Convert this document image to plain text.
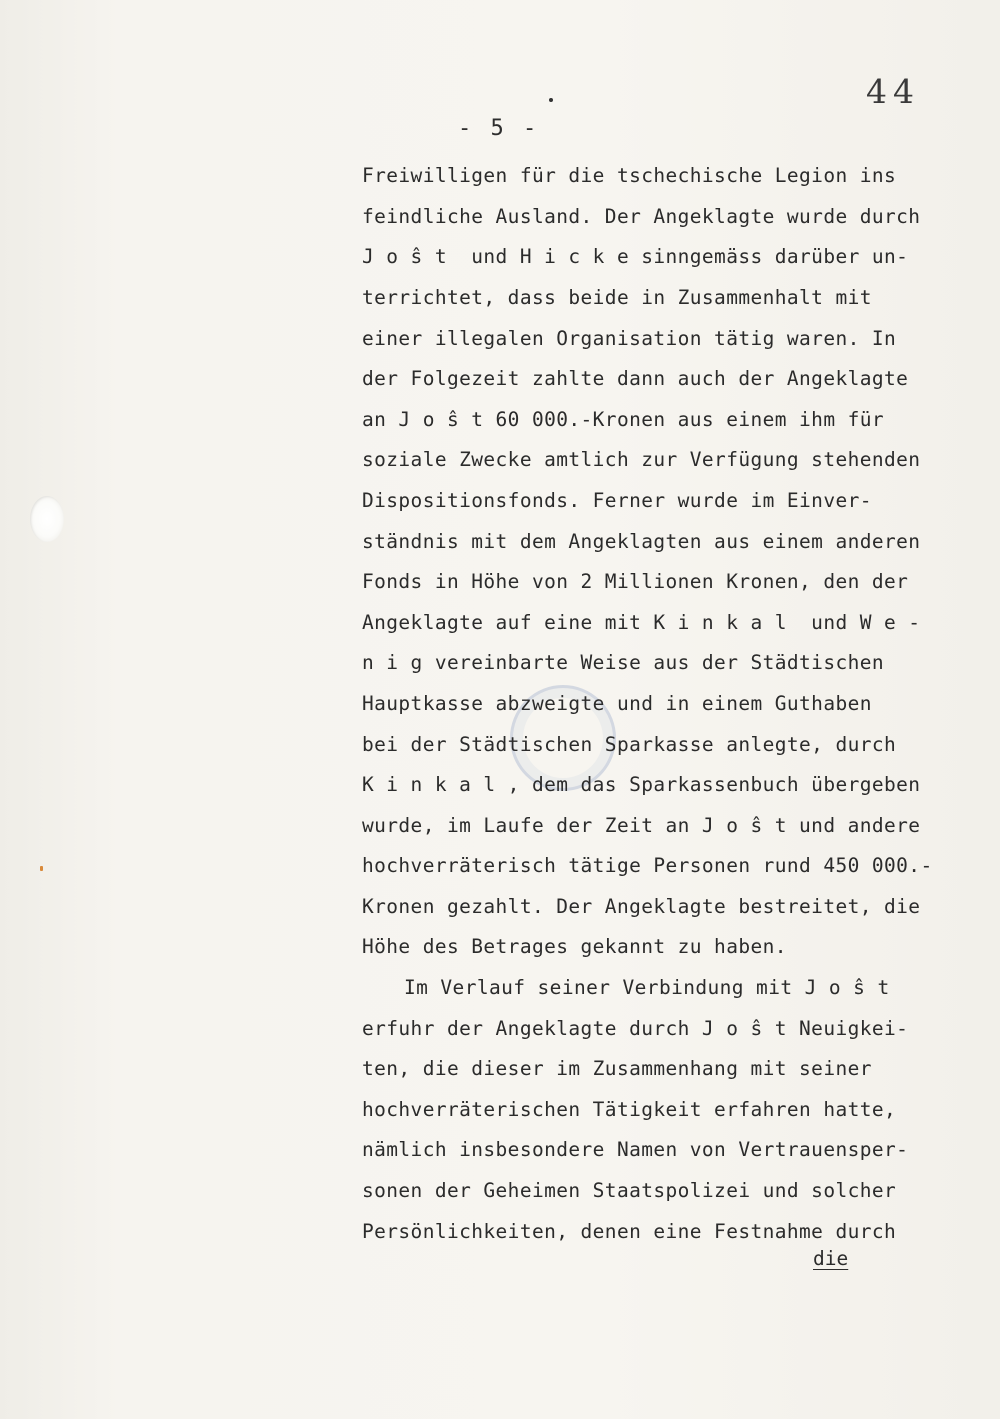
44
- 5 -
Freiwilligen für die tschechische Legion ins
feindliche Ausland. Der Angeklagte wurde durch
J o ŝ t  und H i c k e sinngemäss darüber un-
terrichtet, dass beide in Zusammenhalt mit
einer illegalen Organisation tätig waren. In
der Folgezeit zahlte dann auch der Angeklagte
an J o ŝ t 60 000.-Kronen aus einem ihm für
soziale Zwecke amtlich zur Verfügung stehenden
Dispositionsfonds. Ferner wurde im Einver-
ständnis mit dem Angeklagten aus einem anderen
Fonds in Höhe von 2 Millionen Kronen, den der
Angeklagte auf eine mit K i n k a l  und W e -
n i g vereinbarte Weise aus der Städtischen
Hauptkasse abzweigte und in einem Guthaben
bei der Städtischen Sparkasse anlegte, durch
K i n k a l , dem das Sparkassenbuch übergeben
wurde, im Laufe der Zeit an J o ŝ t und andere
hochverräterisch tätige Personen rund 450 000.-
Kronen gezahlt. Der Angeklagte bestreitet, die
Höhe des Betrages gekannt zu haben.
Im Verlauf seiner Verbindung mit J o ŝ t
erfuhr der Angeklagte durch J o ŝ t Neuigkei-
ten, die dieser im Zusammenhang mit seiner
hochverräterischen Tätigkeit erfahren hatte,
nämlich insbesondere Namen von Vertrauensper-
sonen der Geheimen Staatspolizei und solcher
Persönlichkeiten, denen eine Festnahme durch
die
